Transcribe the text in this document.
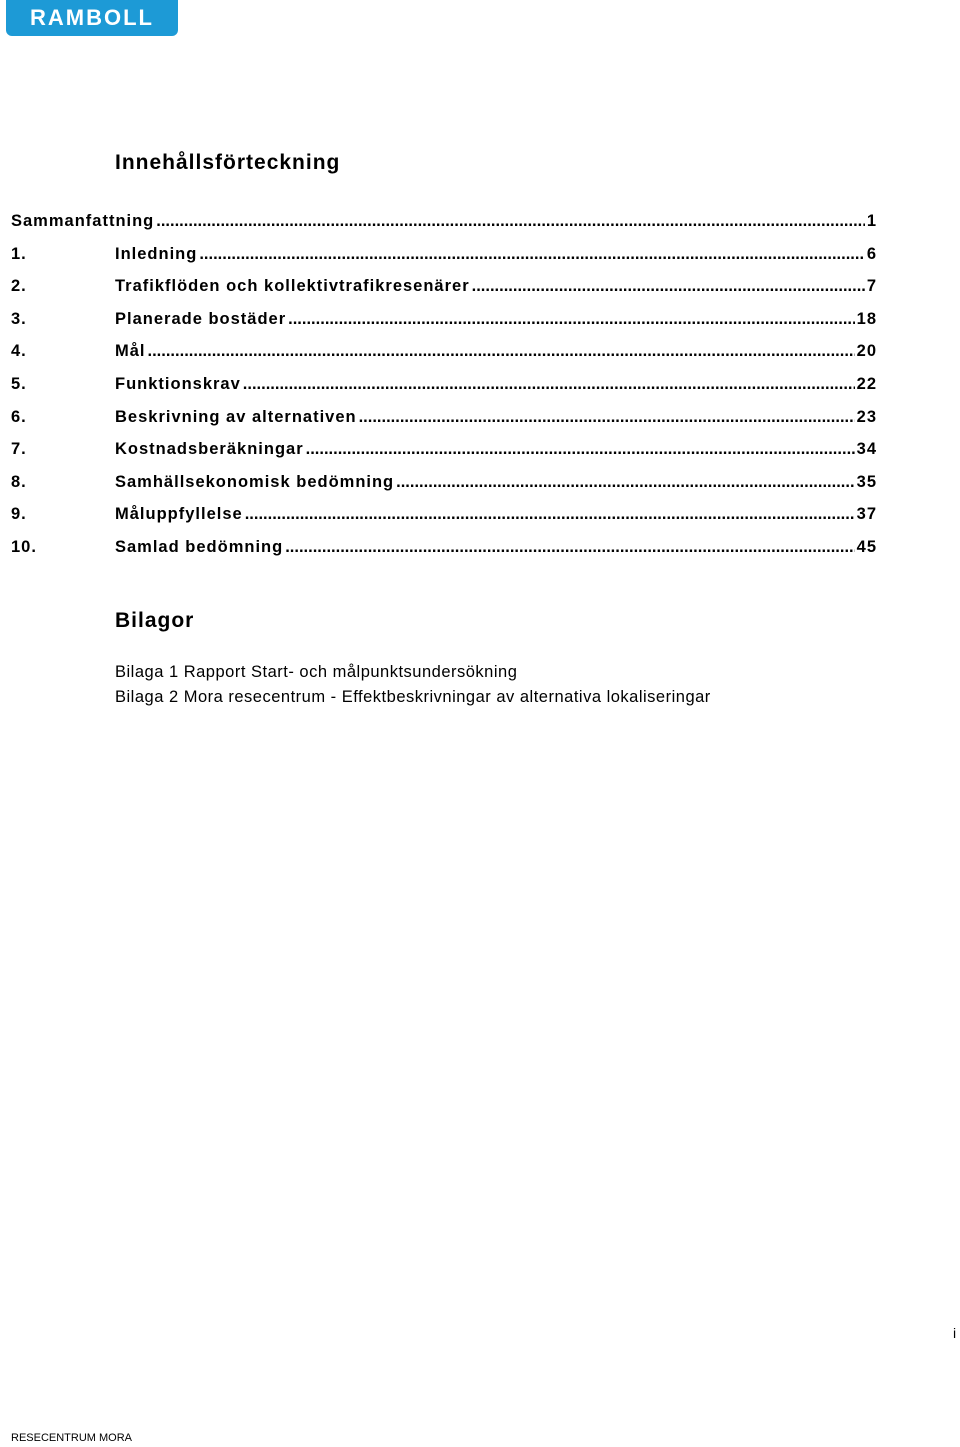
RAMBOLL
Innehållsförteckning
Sammanfattning .....	1
1.	Inledning .....	6
2.	Trafikflöden och kollektivtrafikresenärer .....	7
3.	Planerade bostäder .....	18
4.	Mål .....	20
5.	Funktionskrav .....	22
6.	Beskrivning av alternativen .....	23
7.	Kostnadsberäkningar .....	34
8.	Samhällsekonomisk bedömning .....	35
9.	Måluppfyllelse .....	37
10.	Samlad bedömning .....	45
Bilagor
Bilaga 1 Rapport Start- och målpunktsundersökning
Bilaga 2 Mora resecentrum - Effektbeskrivningar av alternativa lokaliseringar
i
RESECENTRUM MORA
